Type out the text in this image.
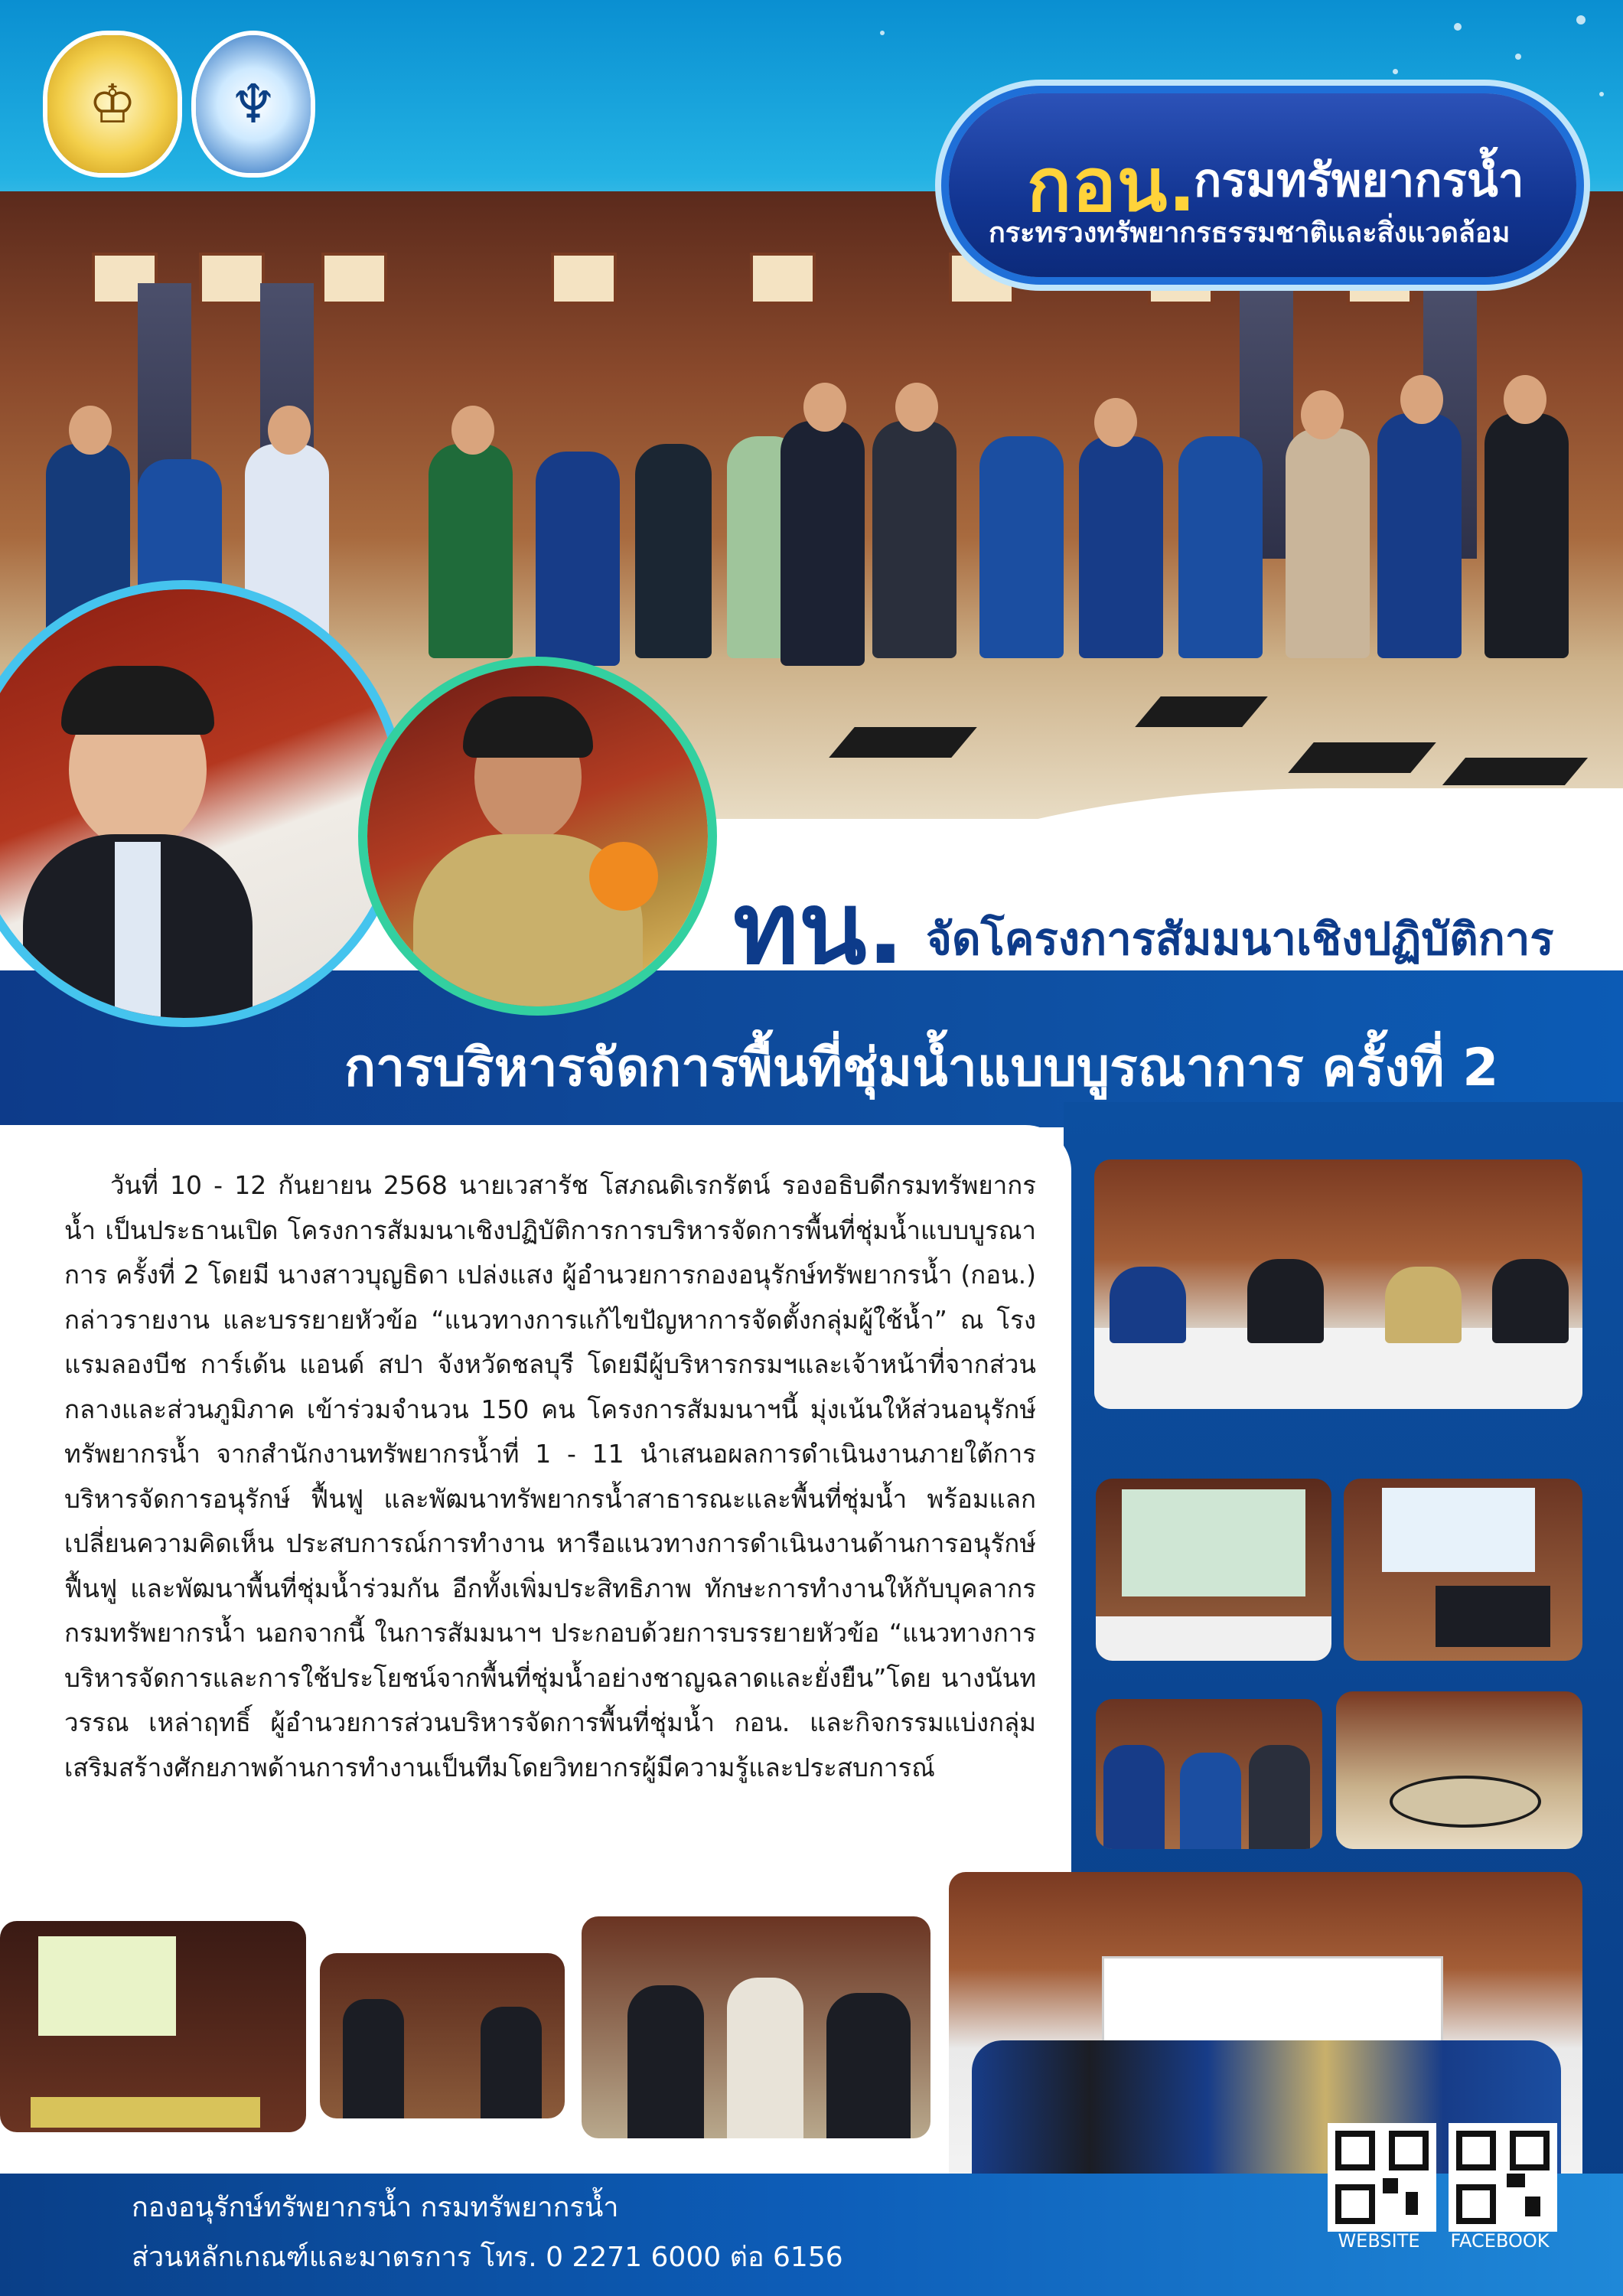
♔ ♆
กอน.
กรมทรัพยากรน้ำ
กระทรวงทรัพยากรธรรมชาติและสิ่งแวดล้อม
ทน. จัดโครงการสัมมนาเชิงปฏิบัติการ
การบริหารจัดการพื้นที่ชุ่มน้ำแบบบูรณาการ ครั้งที่ 2
วันที่ 10 - 12 กันยายน 2568 นายเวสารัช โสภณดิเรกรัตน์ รองอธิบดีกรมทรัพยากรน้ำ เป็นประธานเปิด โครงการสัมมนาเชิงปฏิบัติการการบริหารจัดการพื้นที่ชุ่มน้ำแบบบูรณาการ ครั้งที่ 2 โดยมี นางสาวบุญธิดา เปล่งแสง ผู้อำนวยการกองอนุรักษ์ทรัพยากรน้ำ (กอน.) กล่าวรายงาน และบรรยายหัวข้อ “แนวทางการแก้ไขปัญหาการจัดตั้งกลุ่มผู้ใช้น้ำ” ณ โรงแรมลองบีช การ์เด้น แอนด์ สปา จังหวัดชลบุรี โดยมีผู้บริหารกรมฯและเจ้าหน้าที่จากส่วนกลางและส่วนภูมิภาค เข้าร่วมจำนวน 150 คน โครงการสัมมนาฯนี้ มุ่งเน้นให้ส่วนอนุรักษ์ทรัพยากรน้ำ จากสำนักงานทรัพยากรน้ำที่ 1 - 11 นำเสนอผลการดำเนินงานภายใต้การบริหารจัดการอนุรักษ์ ฟื้นฟู และพัฒนาทรัพยากรน้ำสาธารณะและพื้นที่ชุ่มน้ำ พร้อมแลกเปลี่ยนความคิดเห็น ประสบการณ์การทำงาน หารือแนวทางการดำเนินงานด้านการอนุรักษ์ ฟื้นฟู และพัฒนาพื้นที่ชุ่มน้ำร่วมกัน อีกทั้งเพิ่มประสิทธิภาพ ทักษะการทำงานให้กับบุคลากรกรมทรัพยากรน้ำ นอกจากนี้ ในการสัมมนาฯ ประกอบด้วยการบรรยายหัวข้อ “แนวทางการบริหารจัดการและการใช้ประโยชน์จากพื้นที่ชุ่มน้ำอย่างชาญฉลาดและยั่งยืน”โดย นางนันทวรรณ เหล่าฤทธิ์ ผู้อำนวยการส่วนบริหารจัดการพื้นที่ชุ่มน้ำ กอน. และกิจกรรมแบ่งกลุ่มเสริมสร้างศักยภาพด้านการทำงานเป็นทีมโดยวิทยากรผู้มีความรู้และประสบการณ์
กองอนุรักษ์ทรัพยากรน้ำ กรมทรัพยากรน้ำ
ส่วนหลักเกณฑ์และมาตรการ โทร. 0 2271 6000 ต่อ 6156
WEBSITE	FACEBOOK
